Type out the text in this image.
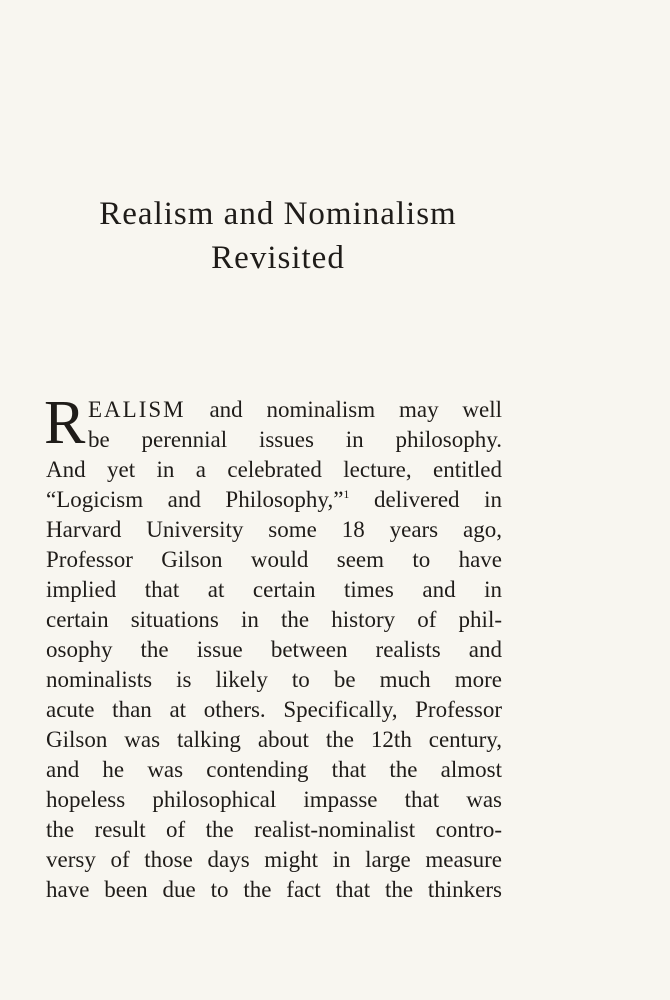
Realism and Nominalism
Revisited
R EALISM and nominalism may well
be perennial issues in philosophy.
And yet in a celebrated lecture, entitled
“Logicism and Philosophy,”$^1$ delivered in
Harvard University some 18 years ago,
Professor Gilson would seem to have
implied that at certain times and in
certain situations in the history of phil-
osophy the issue between realists and
nominalists is likely to be much more
acute than at others. Specifically, Professor
Gilson was talking about the 12th century,
and he was contending that the almost
hopeless philosophical impasse that was
the result of the realist-nominalist contro-
versy of those days might in large measure
have been due to the fact that the thinkers
